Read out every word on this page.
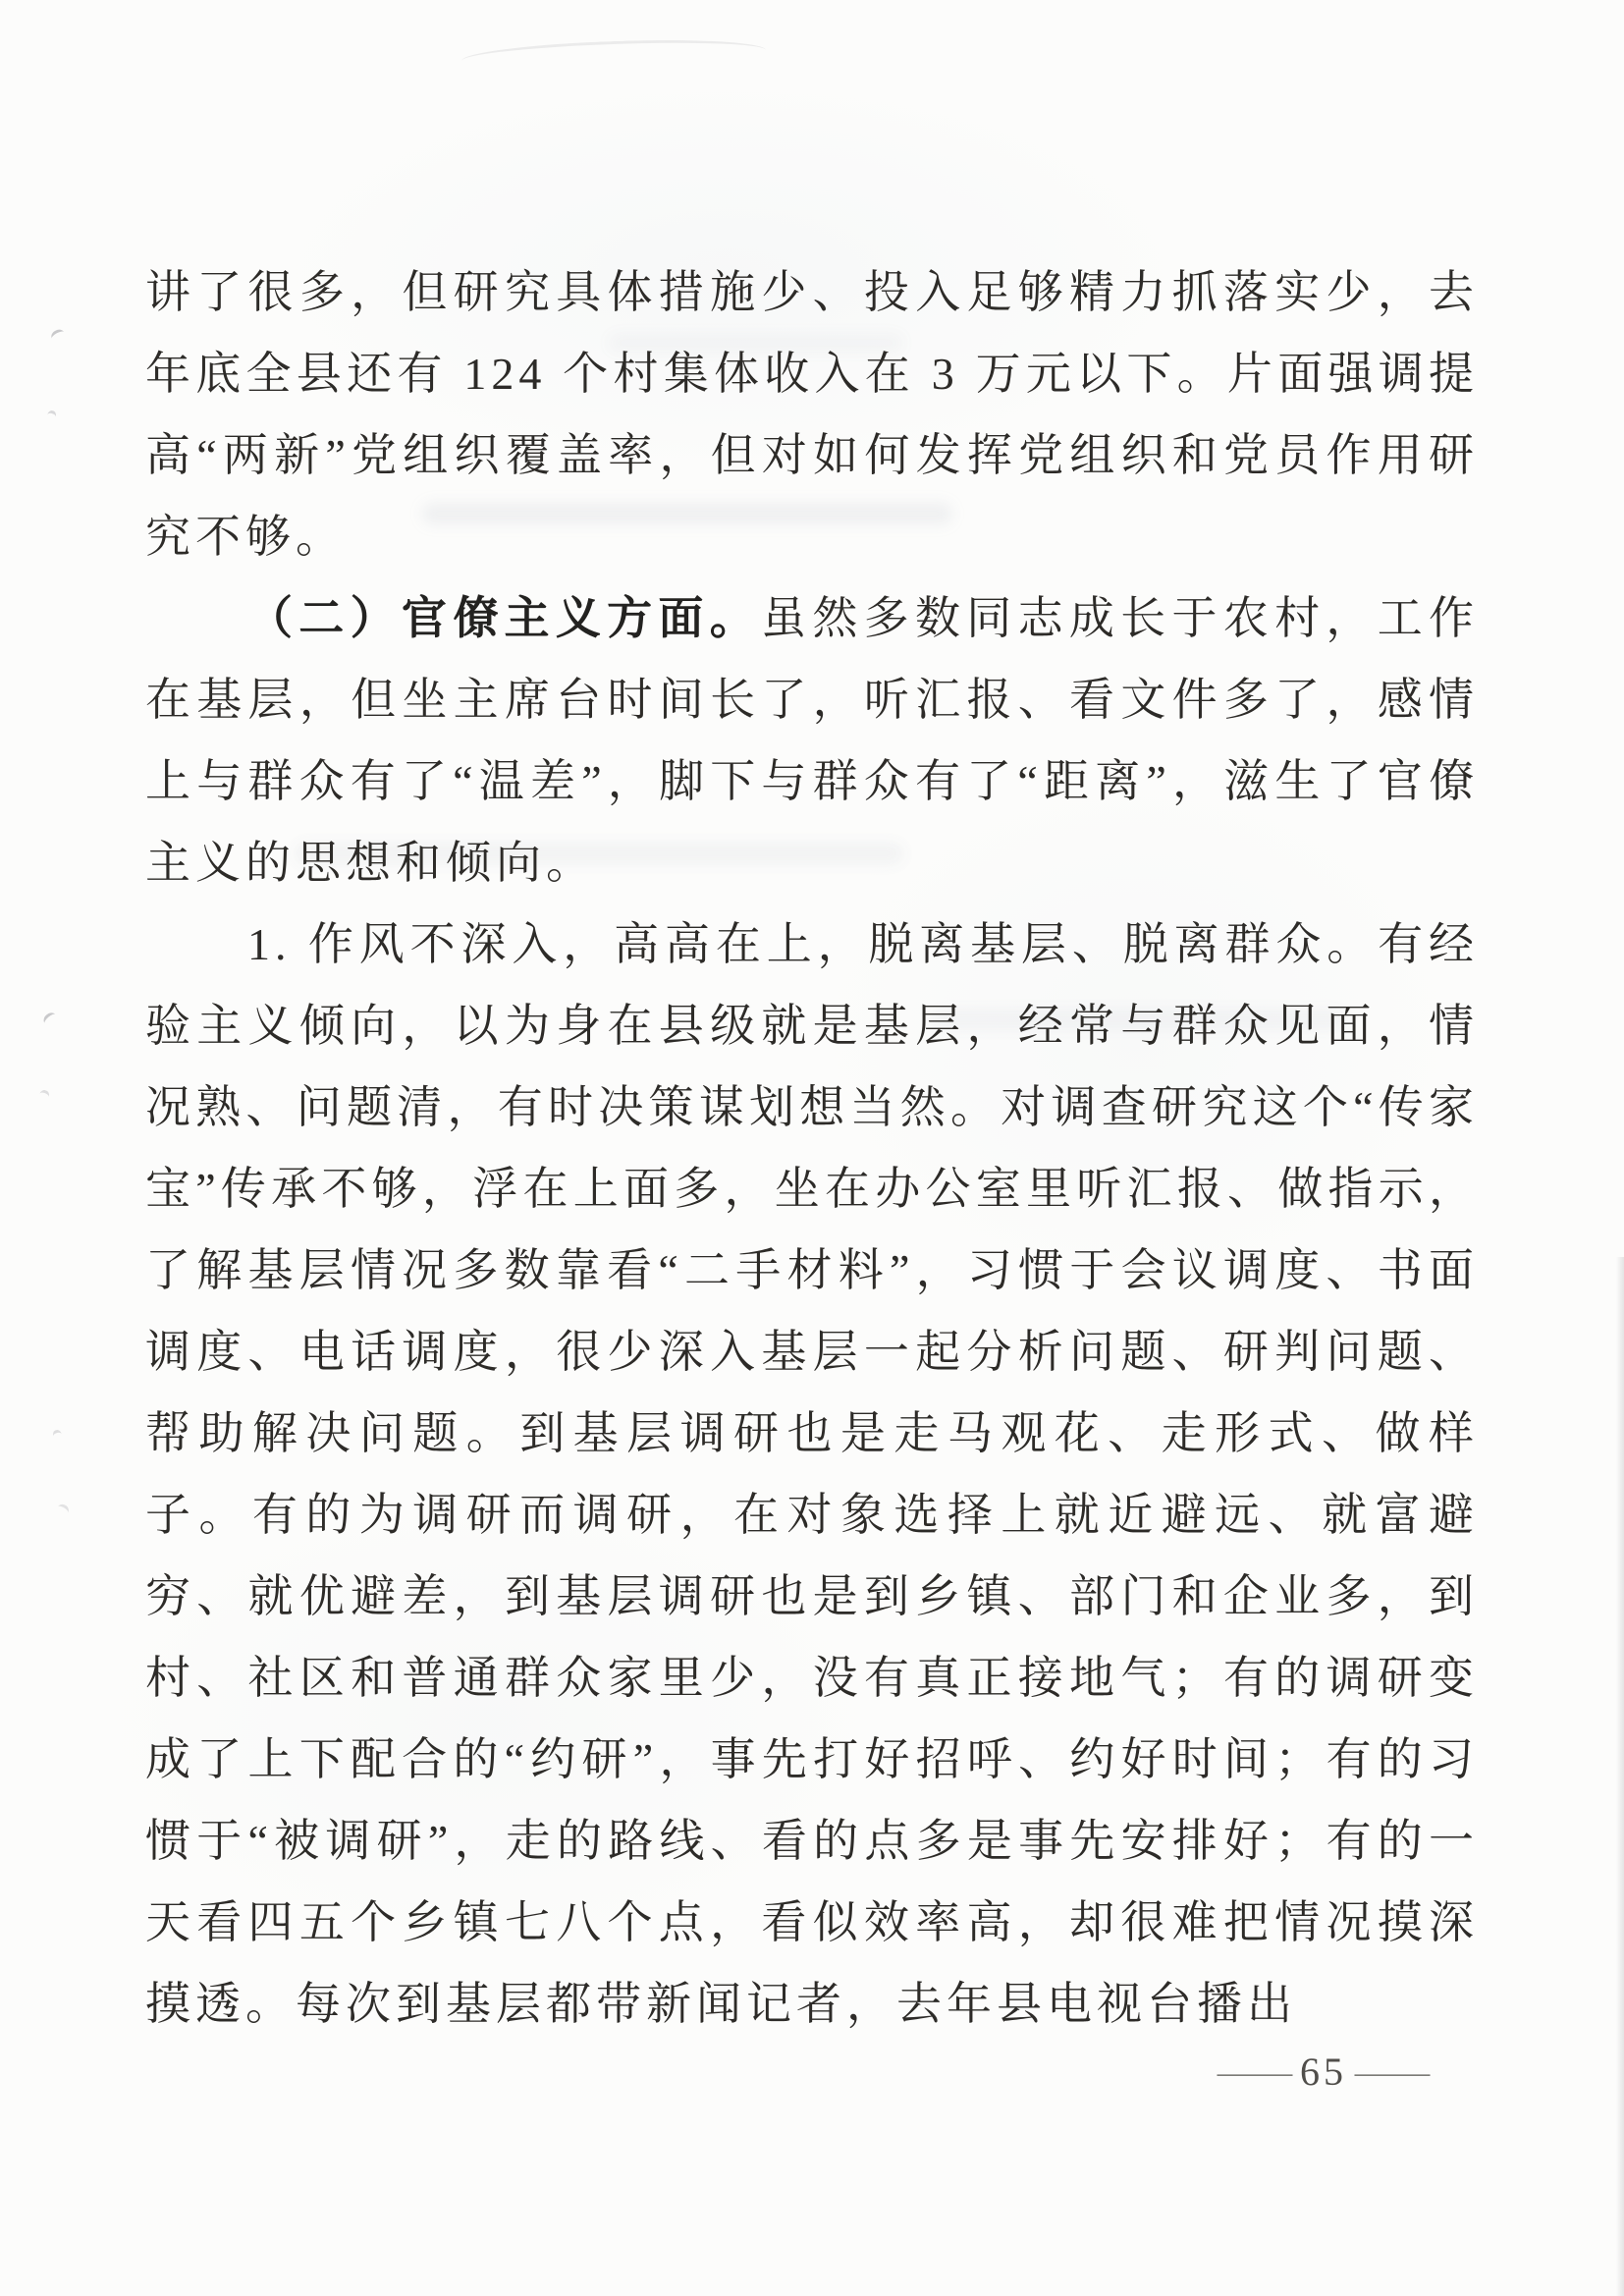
讲了很多，但研究具体措施少、投入足够精力抓落实少，去年底全县还有 124 个村集体收入在 3 万元以下。片面强调提高“两新”党组织覆盖率，但对如何发挥党组织和党员作用研究不够。

（二）官僚主义方面。虽然多数同志成长于农村，工作在基层，但坐主席台时间长了，听汇报、看文件多了，感情上与群众有了“温差”，脚下与群众有了“距离”，滋生了官僚主义的思想和倾向。

1. 作风不深入，高高在上，脱离基层、脱离群众。有经验主义倾向，以为身在县级就是基层，经常与群众见面，情况熟、问题清，有时决策谋划想当然。对调查研究这个“传家宝”传承不够，浮在上面多，坐在办公室里听汇报、做指示，了解基层情况多数靠看“二手材料”，习惯于会议调度、书面调度、电话调度，很少深入基层一起分析问题、研判问题、帮助解决问题。到基层调研也是走马观花、走形式、做样子。有的为调研而调研，在对象选择上就近避远、就富避穷、就优避差，到基层调研也是到乡镇、部门和企业多，到村、社区和普通群众家里少，没有真正接地气；有的调研变成了上下配合的“约研”，事先打好招呼、约好时间；有的习惯于“被调研”，走的路线、看的点多是事先安排好；有的一天看四五个乡镇七八个点，看似效率高，却很难把情况摸深摸透。每次到基层都带新闻记者，去年县电视台播出

— 65 —
